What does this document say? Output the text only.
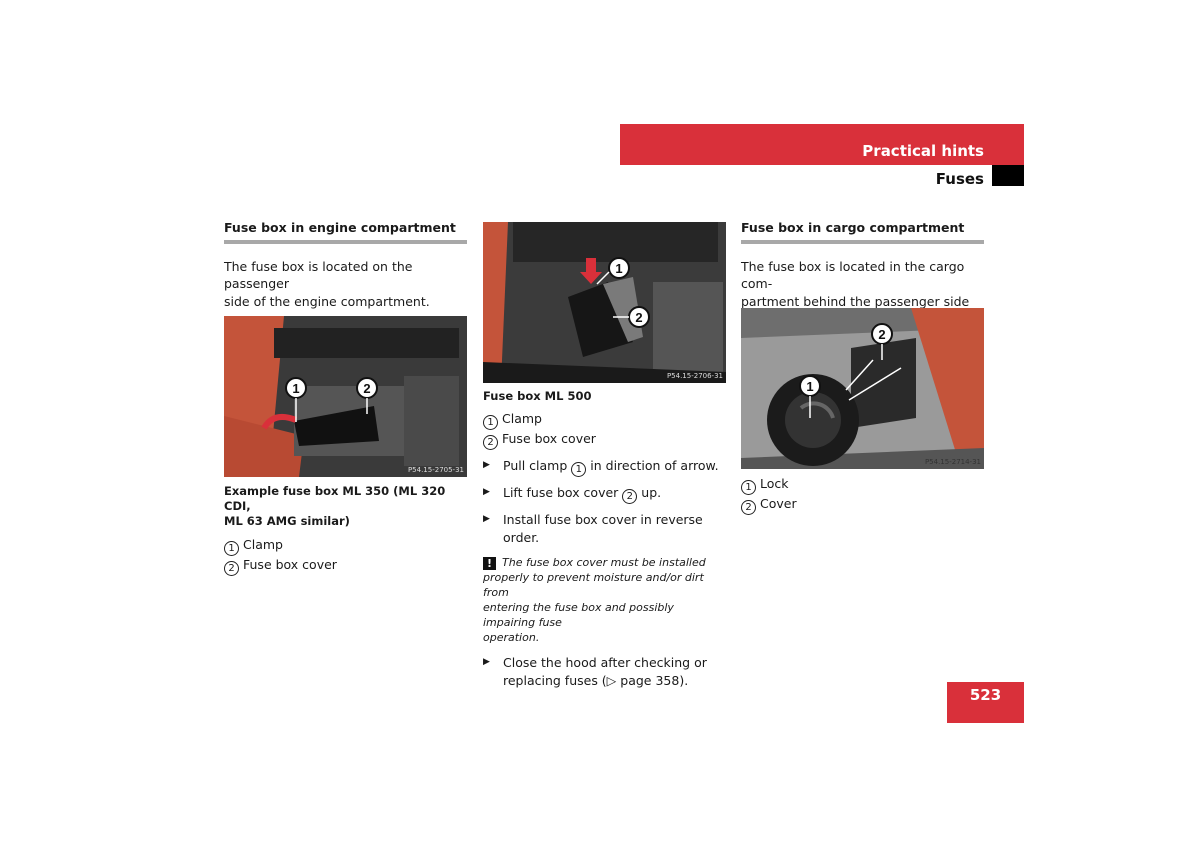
Practical hints
Fuses
523
Fuse box in engine compartment
The fuse box is located on the passenger
side of the engine compartment.
▶
1	2
P54.15-2705-31
Example fuse box ML 350 (ML 320 CDI,
ML 63 AMG similar)
1 Clamp
2 Fuse box cover
1
2
P54.15-2706-31
Fuse box ML 500
1 Clamp
2 Fuse box cover
▶ Pull clamp 1 in direction of arrow.
▶ Lift fuse box cover 2 up.
▶ Install fuse box cover in reverse order.
! The fuse box cover must be installed
properly to prevent moisture and/or dirt from
entering the fuse box and possibly impairing fuse
operation.
▶ Close the hood after checking or
replacing fuses (▷ page 358).
Fuse box in cargo compartment
The fuse box is located in the cargo com-
partment behind the passenger side
2
1
P54.15-2714-31
1 Lock
2 Cover
